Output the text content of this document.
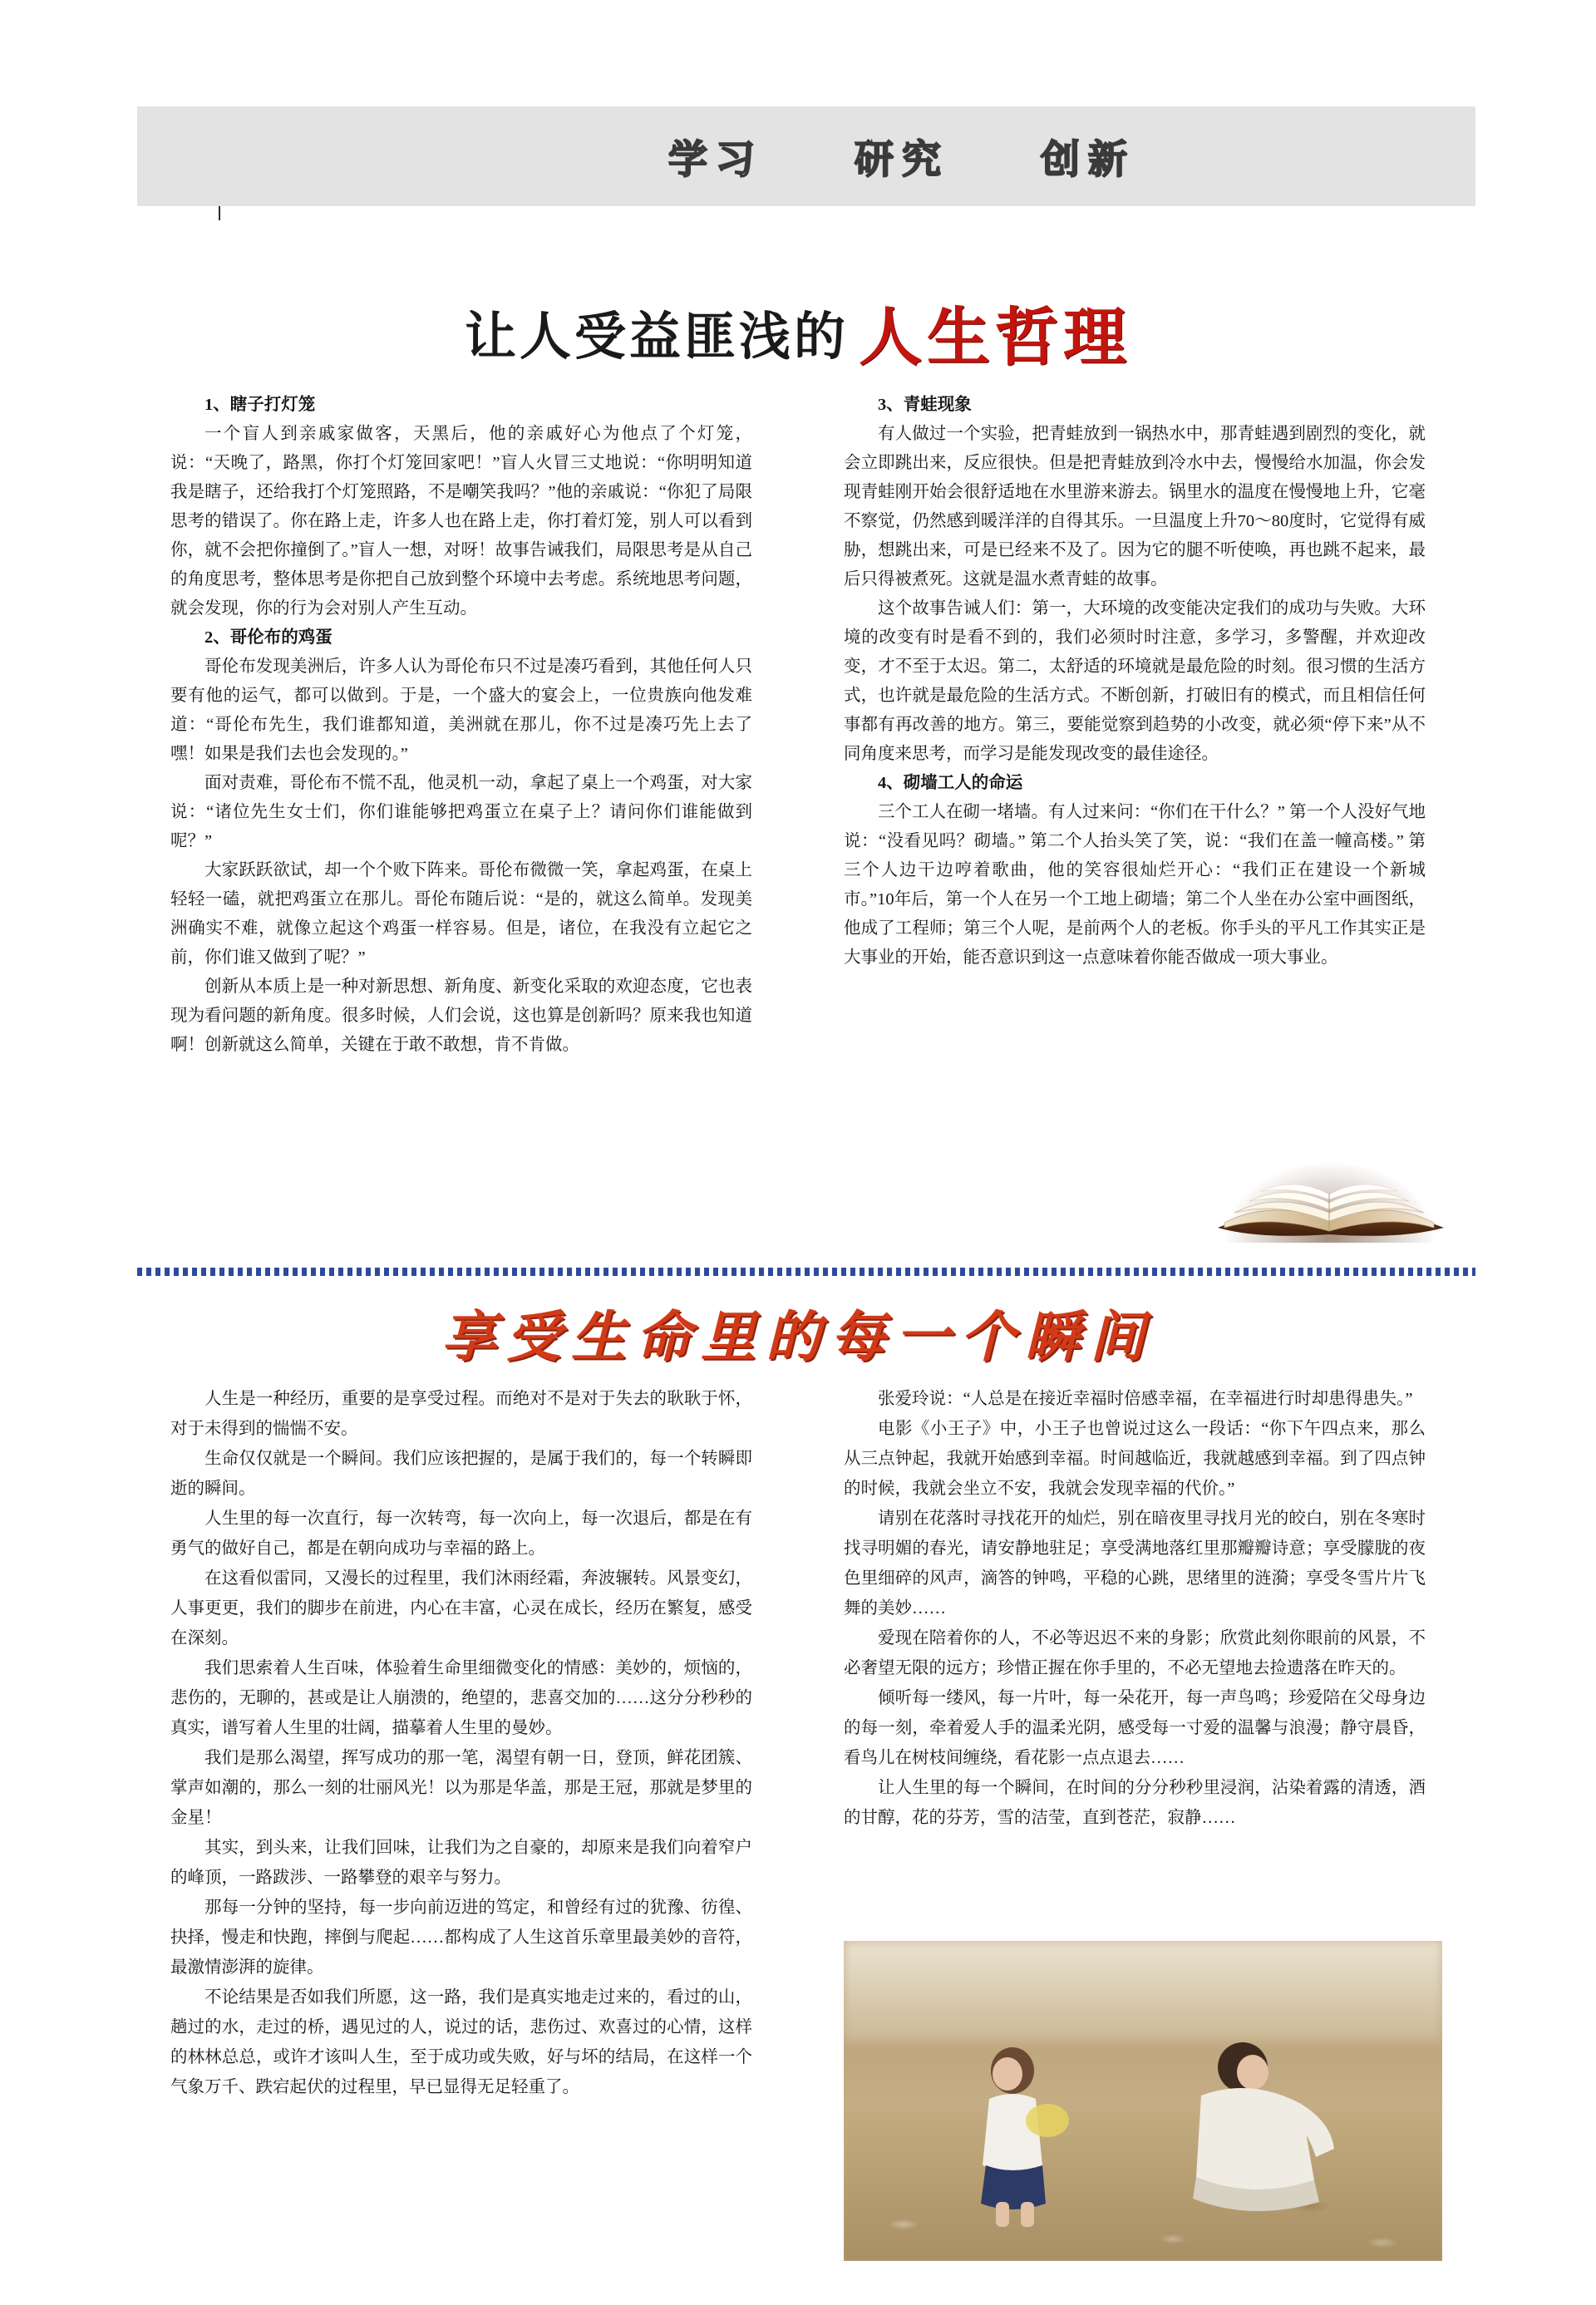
学习 研究 创新
让人受益匪浅的 人生哲理

1、瞎子打灯笼

一个盲人到亲戚家做客，天黑后，他的亲戚好心为他点了个灯笼，说：“天晚了，路黑，你打个灯笼回家吧！”盲人火冒三丈地说：“你明明知道我是瞎子，还给我打个灯笼照路，不是嘲笑我吗？”他的亲戚说：“你犯了局限思考的错误了。你在路上走，许多人也在路上走，你打着灯笼，别人可以看到你，就不会把你撞倒了。”盲人一想，对呀！故事告诫我们，局限思考是从自己的角度思考，整体思考是你把自己放到整个环境中去考虑。系统地思考问题，就会发现，你的行为会对别人产生互动。

2、哥伦布的鸡蛋

哥伦布发现美洲后，许多人认为哥伦布只不过是凑巧看到，其他任何人只要有他的运气，都可以做到。于是，一个盛大的宴会上，一位贵族向他发难道：“哥伦布先生，我们谁都知道，美洲就在那儿，你不过是凑巧先上去了嘿！如果是我们去也会发现的。”

面对责难，哥伦布不慌不乱，他灵机一动，拿起了桌上一个鸡蛋，对大家说：“诸位先生女士们，你们谁能够把鸡蛋立在桌子上？请问你们谁能做到呢？”

大家跃跃欲试，却一个个败下阵来。哥伦布微微一笑，拿起鸡蛋，在桌上轻轻一磕，就把鸡蛋立在那儿。哥伦布随后说：“是的，就这么简单。发现美洲确实不难，就像立起这个鸡蛋一样容易。但是，诸位，在我没有立起它之前，你们谁又做到了呢？”

创新从本质上是一种对新思想、新角度、新变化采取的欢迎态度，它也表现为看问题的新角度。很多时候，人们会说，这也算是创新吗？原来我也知道啊！创新就这么简单，关键在于敢不敢想，肯不肯做。

3、青蛙现象

有人做过一个实验，把青蛙放到一锅热水中，那青蛙遇到剧烈的变化，就会立即跳出来，反应很快。但是把青蛙放到冷水中去，慢慢给水加温，你会发现青蛙刚开始会很舒适地在水里游来游去。锅里水的温度在慢慢地上升，它毫不察觉，仍然感到暖洋洋的自得其乐。一旦温度上升70～80度时，它觉得有威胁，想跳出来，可是已经来不及了。因为它的腿不听使唤，再也跳不起来，最后只得被煮死。这就是温水煮青蛙的故事。

这个故事告诫人们：第一，大环境的改变能决定我们的成功与失败。大环境的改变有时是看不到的，我们必须时时注意，多学习，多警醒，并欢迎改变，才不至于太迟。第二，太舒适的环境就是最危险的时刻。很习惯的生活方式，也许就是最危险的生活方式。不断创新，打破旧有的模式，而且相信任何事都有再改善的地方。第三，要能觉察到趋势的小改变，就必须“停下来”从不同角度来思考，而学习是能发现改变的最佳途径。

4、砌墙工人的命运

三个工人在砌一堵墙。有人过来问：“你们在干什么？” 第一个人没好气地说：“没看见吗？砌墙。” 第二个人抬头笑了笑，说：“我们在盖一幢高楼。” 第三个人边干边哼着歌曲，他的笑容很灿烂开心：“我们正在建设一个新城市。”10年后，第一个人在另一个工地上砌墙；第二个人坐在办公室中画图纸，他成了工程师；第三个人呢，是前两个人的老板。你手头的平凡工作其实正是大事业的开始，能否意识到这一点意味着你能否做成一项大事业。

享受生命里的每一个瞬间

人生是一种经历，重要的是享受过程。而绝对不是对于失去的耿耿于怀，对于未得到的惴惴不安。

生命仅仅就是一个瞬间。我们应该把握的，是属于我们的，每一个转瞬即逝的瞬间。

人生里的每一次直行，每一次转弯，每一次向上，每一次退后，都是在有勇气的做好自己，都是在朝向成功与幸福的路上。

在这看似雷同，又漫长的过程里，我们沐雨经霜，奔波辗转。风景变幻，人事更更，我们的脚步在前进，内心在丰富，心灵在成长，经历在繁复，感受在深刻。

我们思索着人生百味，体验着生命里细微变化的情感：美妙的，烦恼的，悲伤的，无聊的，甚或是让人崩溃的，绝望的，悲喜交加的……这分分秒秒的真实，谱写着人生里的壮阔，描摹着人生里的曼妙。

我们是那么渴望，挥写成功的那一笔，渴望有朝一日，登顶，鲜花团簇、掌声如潮的，那么一刻的壮丽风光！以为那是华盖，那是王冠，那就是梦里的金星！

其实，到头来，让我们回味，让我们为之自豪的，却原来是我们向着窄户的峰顶，一路跋涉、一路攀登的艰辛与努力。

那每一分钟的坚持，每一步向前迈进的笃定，和曾经有过的犹豫、彷徨、抉择，慢走和快跑，摔倒与爬起……都构成了人生这首乐章里最美妙的音符，最激情澎湃的旋律。

不论结果是否如我们所愿，这一路，我们是真实地走过来的，看过的山，趟过的水，走过的桥，遇见过的人，说过的话，悲伤过、欢喜过的心情，这样的林林总总，或许才该叫人生，至于成功或失败，好与坏的结局，在这样一个气象万千、跌宕起伏的过程里，早已显得无足轻重了。

张爱玲说：“人总是在接近幸福时倍感幸福，在幸福进行时却患得患失。”

电影《小王子》中，小王子也曾说过这么一段话：“你下午四点来，那么从三点钟起，我就开始感到幸福。时间越临近，我就越感到幸福。到了四点钟的时候，我就会坐立不安，我就会发现幸福的代价。”

请别在花落时寻找花开的灿烂，别在暗夜里寻找月光的皎白，别在冬寒时找寻明媚的春光，请安静地驻足；享受满地落红里那瓣瓣诗意；享受朦胧的夜色里细碎的风声，滴答的钟鸣，平稳的心跳，思绪里的涟漪；享受冬雪片片飞舞的美妙……

爱现在陪着你的人，不必等迟迟不来的身影；欣赏此刻你眼前的风景，不必奢望无限的远方；珍惜正握在你手里的，不必无望地去捡遗落在昨天的。

倾听每一缕风，每一片叶，每一朵花开，每一声鸟鸣；珍爱陪在父母身边的每一刻，牵着爱人手的温柔光阴，感受每一寸爱的温馨与浪漫；静守晨昏，看鸟儿在树枝间缠绕，看花影一点点退去……

让人生里的每一个瞬间，在时间的分分秒秒里浸润，沾染着露的清透，酒的甘醇，花的芬芳，雪的洁莹，直到苍茫，寂静……
